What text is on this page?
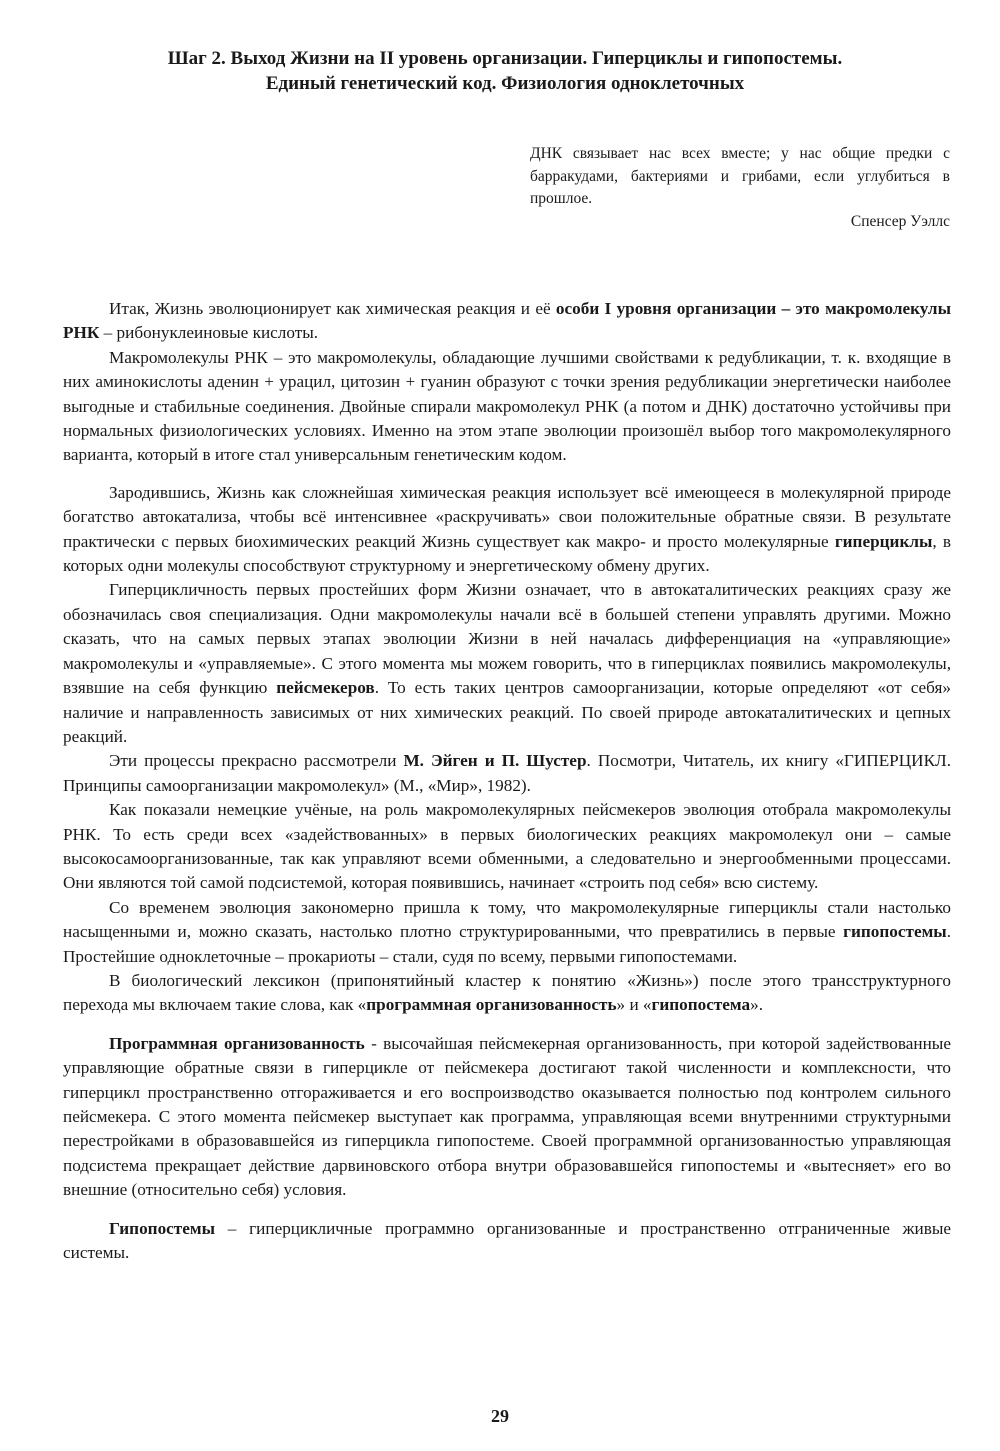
Шаг 2. Выход Жизни на II уровень организации. Гиперциклы и гипопостемы.
Единый генетический код. Физиология одноклеточных

ДНК связывает нас всех вместе; у нас общие предки с барракудами, бактериями и грибами, если углубиться в прошлое.

Спенсер Уэллс

Итак, Жизнь эволюционирует как химическая реакция и её особи I уровня организации – это макромолекулы РНК – рибонуклеиновые кислоты.

Макромолекулы РНК – это макромолекулы, обладающие лучшими свойствами к редубликации, т. к. входящие в них аминокислоты аденин + урацил, цитозин + гуанин образуют с точки зрения редубликации энергетически наиболее выгодные и стабильные соединения. Двойные спирали макромолекул РНК (а потом и ДНК) достаточно устойчивы при нормальных физиологических условиях. Именно на этом этапе эволюции произошёл выбор того макромолекулярного варианта, который в итоге стал универсальным генетическим кодом.

Зародившись, Жизнь как сложнейшая химическая реакция использует всё имеющееся в молекулярной природе богатство автокатализа, чтобы всё интенсивнее «раскручивать» свои положительные обратные связи. В результате практически с первых биохимических реакций Жизнь существует как макро- и просто молекулярные гиперциклы, в которых одни молекулы способствуют структурному и энергетическому обмену других.

Гиперцикличность первых простейших форм Жизни означает, что в автокаталитических реакциях сразу же обозначилась своя специализация. Одни макромолекулы начали всё в большей степени управлять другими. Можно сказать, что на самых первых этапах эволюции Жизни в ней началась дифференциация на «управляющие» макромолекулы и «управляемые». С этого момента мы можем говорить, что в гиперциклах появились макромолекулы, взявшие на себя функцию пейсмекеров. То есть таких центров самоорганизации, которые определяют «от себя» наличие и направленность зависимых от них химических реакций. По своей природе автокаталитических и цепных реакций.

Эти процессы прекрасно рассмотрели М. Эйген и П. Шустер. Посмотри, Читатель, их книгу «ГИПЕРЦИКЛ. Принципы самоорганизации макромолекул» (М., «Мир», 1982).

Как показали немецкие учёные, на роль макромолекулярных пейсмекеров эволюция отобрала макромолекулы РНК. То есть среди всех «задействованных» в первых биологических реакциях макромолекул они – самые высокосамоорганизованные, так как управляют всеми обменными, а следовательно и энергообменными процессами. Они являются той самой подсистемой, которая появившись, начинает «строить под себя» всю систему.

Со временем эволюция закономерно пришла к тому, что макромолекулярные гиперциклы стали настолько насыщенными и, можно сказать, настолько плотно структурированными, что превратились в первые гипопостемы. Простейшие одноклеточные – прокариоты – стали, судя по всему, первыми гипопостемами.

В биологический лексикон (припонятийный кластер к понятию «Жизнь») после этого трансструктурного перехода мы включаем такие слова, как «программная организованность» и «гипопостема».

Программная организованность - высочайшая пейсмекерная организованность, при которой задействованные управляющие обратные связи в гиперцикле от пейсмекера достигают такой численности и комплексности, что гиперцикл пространственно отгораживается и его воспроизводство оказывается полностью под контролем сильного пейсмекера. С этого момента пейсмекер выступает как программа, управляющая всеми внутренними структурными перестройками в образовавшейся из гиперцикла гипопостеме. Своей программной организованностью управляющая подсистема прекращает действие дарвиновского отбора внутри образовавшейся гипопостемы и «вытесняет» его во внешние (относительно себя) условия.

Гипопостемы – гиперцикличные программно организованные и пространственно отграниченные живые системы.

29
